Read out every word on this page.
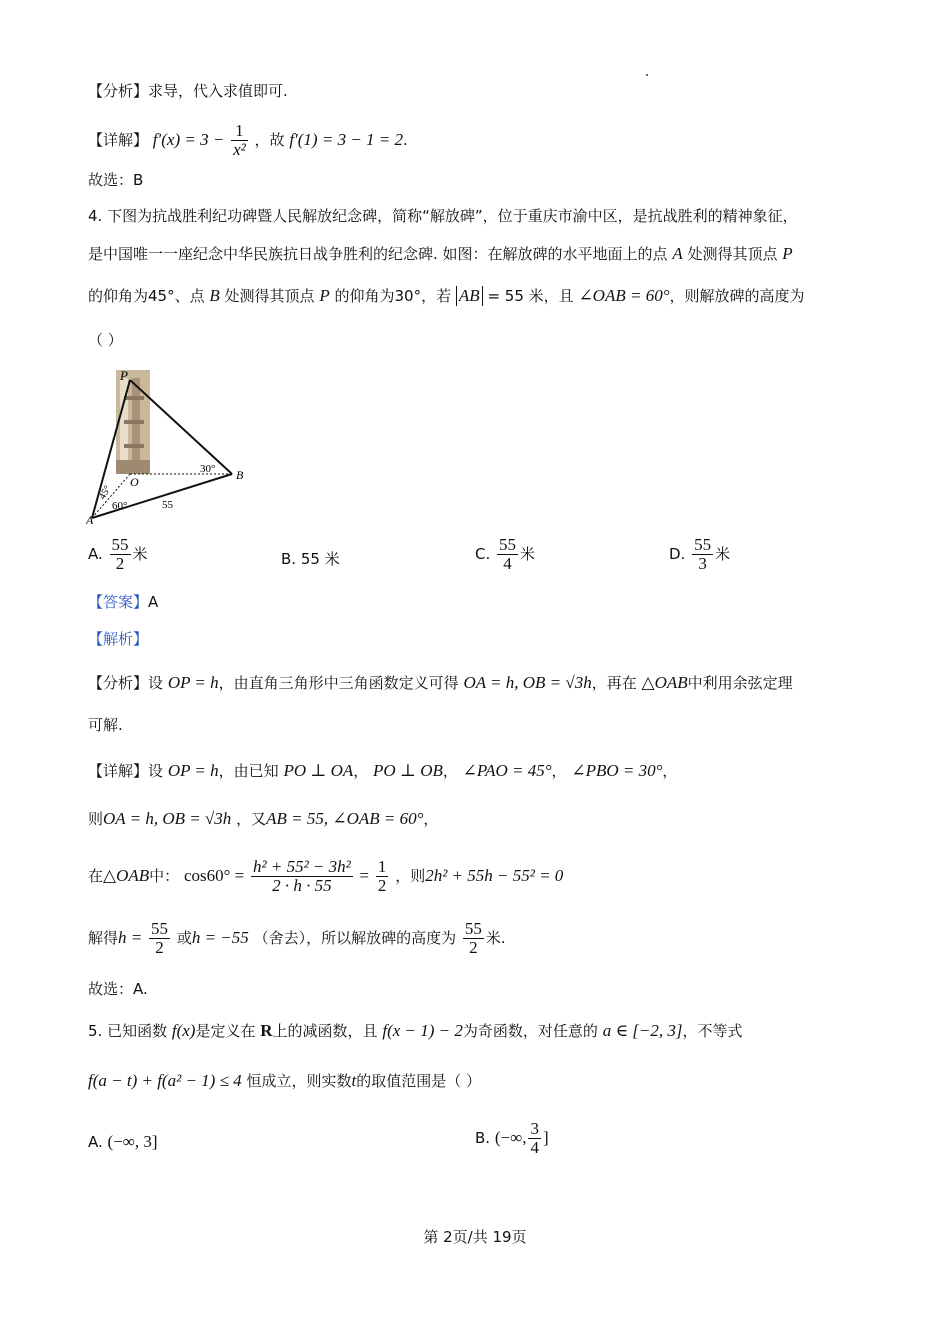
【分析】求导，代入求值即可.
【详解】 $f'(x) = 3 - \frac{1}{\text{x²}}$ ，故 f′(1) = 3 − 1 = 2.
故选：B
4. 下图为抗战胜利纪功碑暨人民解放纪念碑，简称“解放碑”，位于重庆市渝中区，是抗战胜利的精神象征，
是中国唯一一座纪念中华民族抗日战争胜利的纪念碑. 如图：在解放碑的水平地面上的点 A 处测得其顶点 P
的仰角为45°、点 B 处测得其顶点 P 的仰角为30°，若 AB = 55 米，且 ∠OAB = 60°，则解放碑的高度为
（ ）
P
O	B
A
30°
45°
60°	55
A. $\frac{55}{2}$ 米	B. 55 米	C. $\frac{55}{4}$ 米	D. $\frac{55}{3}$ 米
【答案】A
【解析】
【分析】设 OP = h，由直角三角形中三角函数定义可得 OA = h, OB = √3h，再在 △OAB中利用余弦定理
可解.
【详解】设 OP = h，由已知 PO ⊥ OA， PO ⊥ OB， ∠PAO = 45°， ∠PBO = 30°，
则OA = h, OB = √3h ，又AB = 55, ∠OAB = 60°，
在△OAB中： $\cos 60^\circ = \frac{\text{h² + 55² − 3h²}}{2 \cdot h \cdot 55} = \frac{1}{2}$ ，则2h² + 55h − 55² = 0
解得$h = \frac{55}{2}$ 或h = −55 （舍去），所以解放碑的高度为 $\frac{55}{2}$ 米.
故选：A.
5. 已知函数 f(x)是定义在 R上的减函数，且 f(x − 1) − 2为奇函数，对任意的 a ∈ [−2, 3]，不等式
f(a − t) + f(a² − 1) ≤ 4 恒成立，则实数t的取值范围是（ ）
A. (−∞, 3]	B. (−∞, $\frac{3}{4}$ ]
第 2页/共 19页
